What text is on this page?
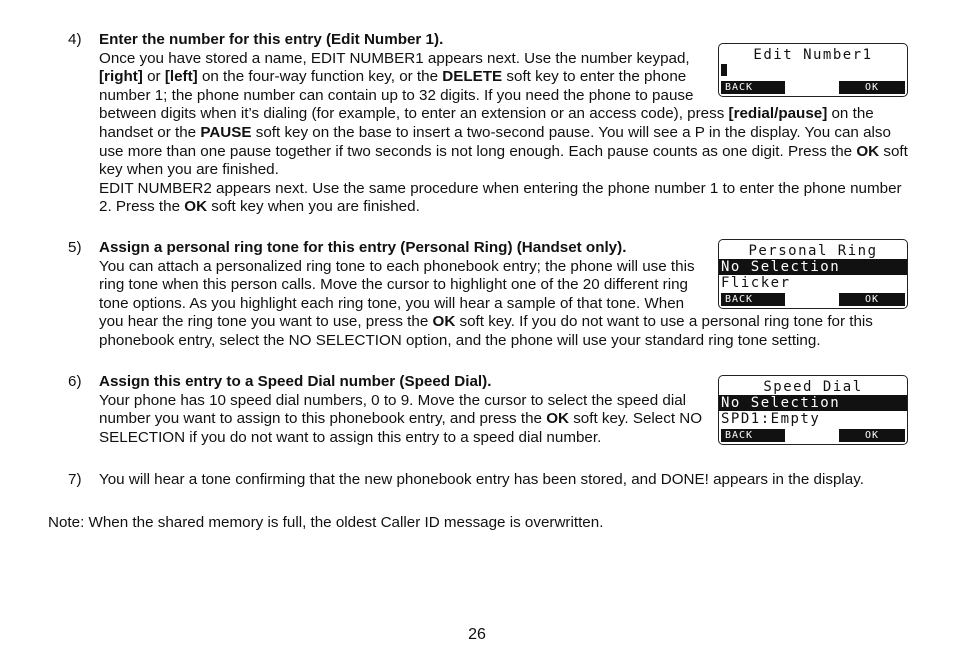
4)
Edit Number1
BACK	OK

Enter the number for this entry (Edit Number 1).

Once you have stored a name, EDIT NUMBER1 appears next. Use the number keypad, [right] or [left] on the four-way function key, or the DELETE soft key to enter the phone number 1; the phone number can contain up to 32 digits. If you need the phone to pause between digits when it’s dialing (for example, to enter an extension or an access code), press [redial/pause] on the handset or the PAUSE soft key on the base to insert a two-second pause. You will see a P in the display. You can also use more than one pause together if two seconds is not long enough. Each pause counts as one digit. Press the OK soft key when you are finished.

EDIT NUMBER2 appears next. Use the same procedure when entering the phone number 1 to enter the phone number 2. Press the OK soft key when you are finished.

5)	Personal Ring
No Selection
Flicker
BACK	OK

Assign a personal ring tone for this entry (Personal Ring) (Handset only).

You can attach a personalized ring tone to each phonebook entry; the phone will use this ring tone when this person calls. Move the cursor to highlight one of the 20 different ring tone options. As you highlight each ring tone, you will hear a sample of that tone. When you hear the ring tone you want to use, press the OK soft key. If you do not want to use a personal ring tone for this phonebook entry, select the NO SELECTION option, and the phone will use your standard ring tone setting.

6)	Speed Dial
No Selection
SPD1:Empty
BACK	OK

Assign this entry to a Speed Dial number (Speed Dial).

Your phone has 10 speed dial numbers, 0 to 9. Move the cursor to select the speed dial number you want to assign to this phonebook entry, and press the OK soft key. Select NO SELECTION if you do not want to assign this entry to a speed dial number.

7) You will hear a tone confirming that the new phonebook entry has been stored, and DONE! appears in the display.

Note: When the shared memory is full, the oldest Caller ID message is overwritten.

26
